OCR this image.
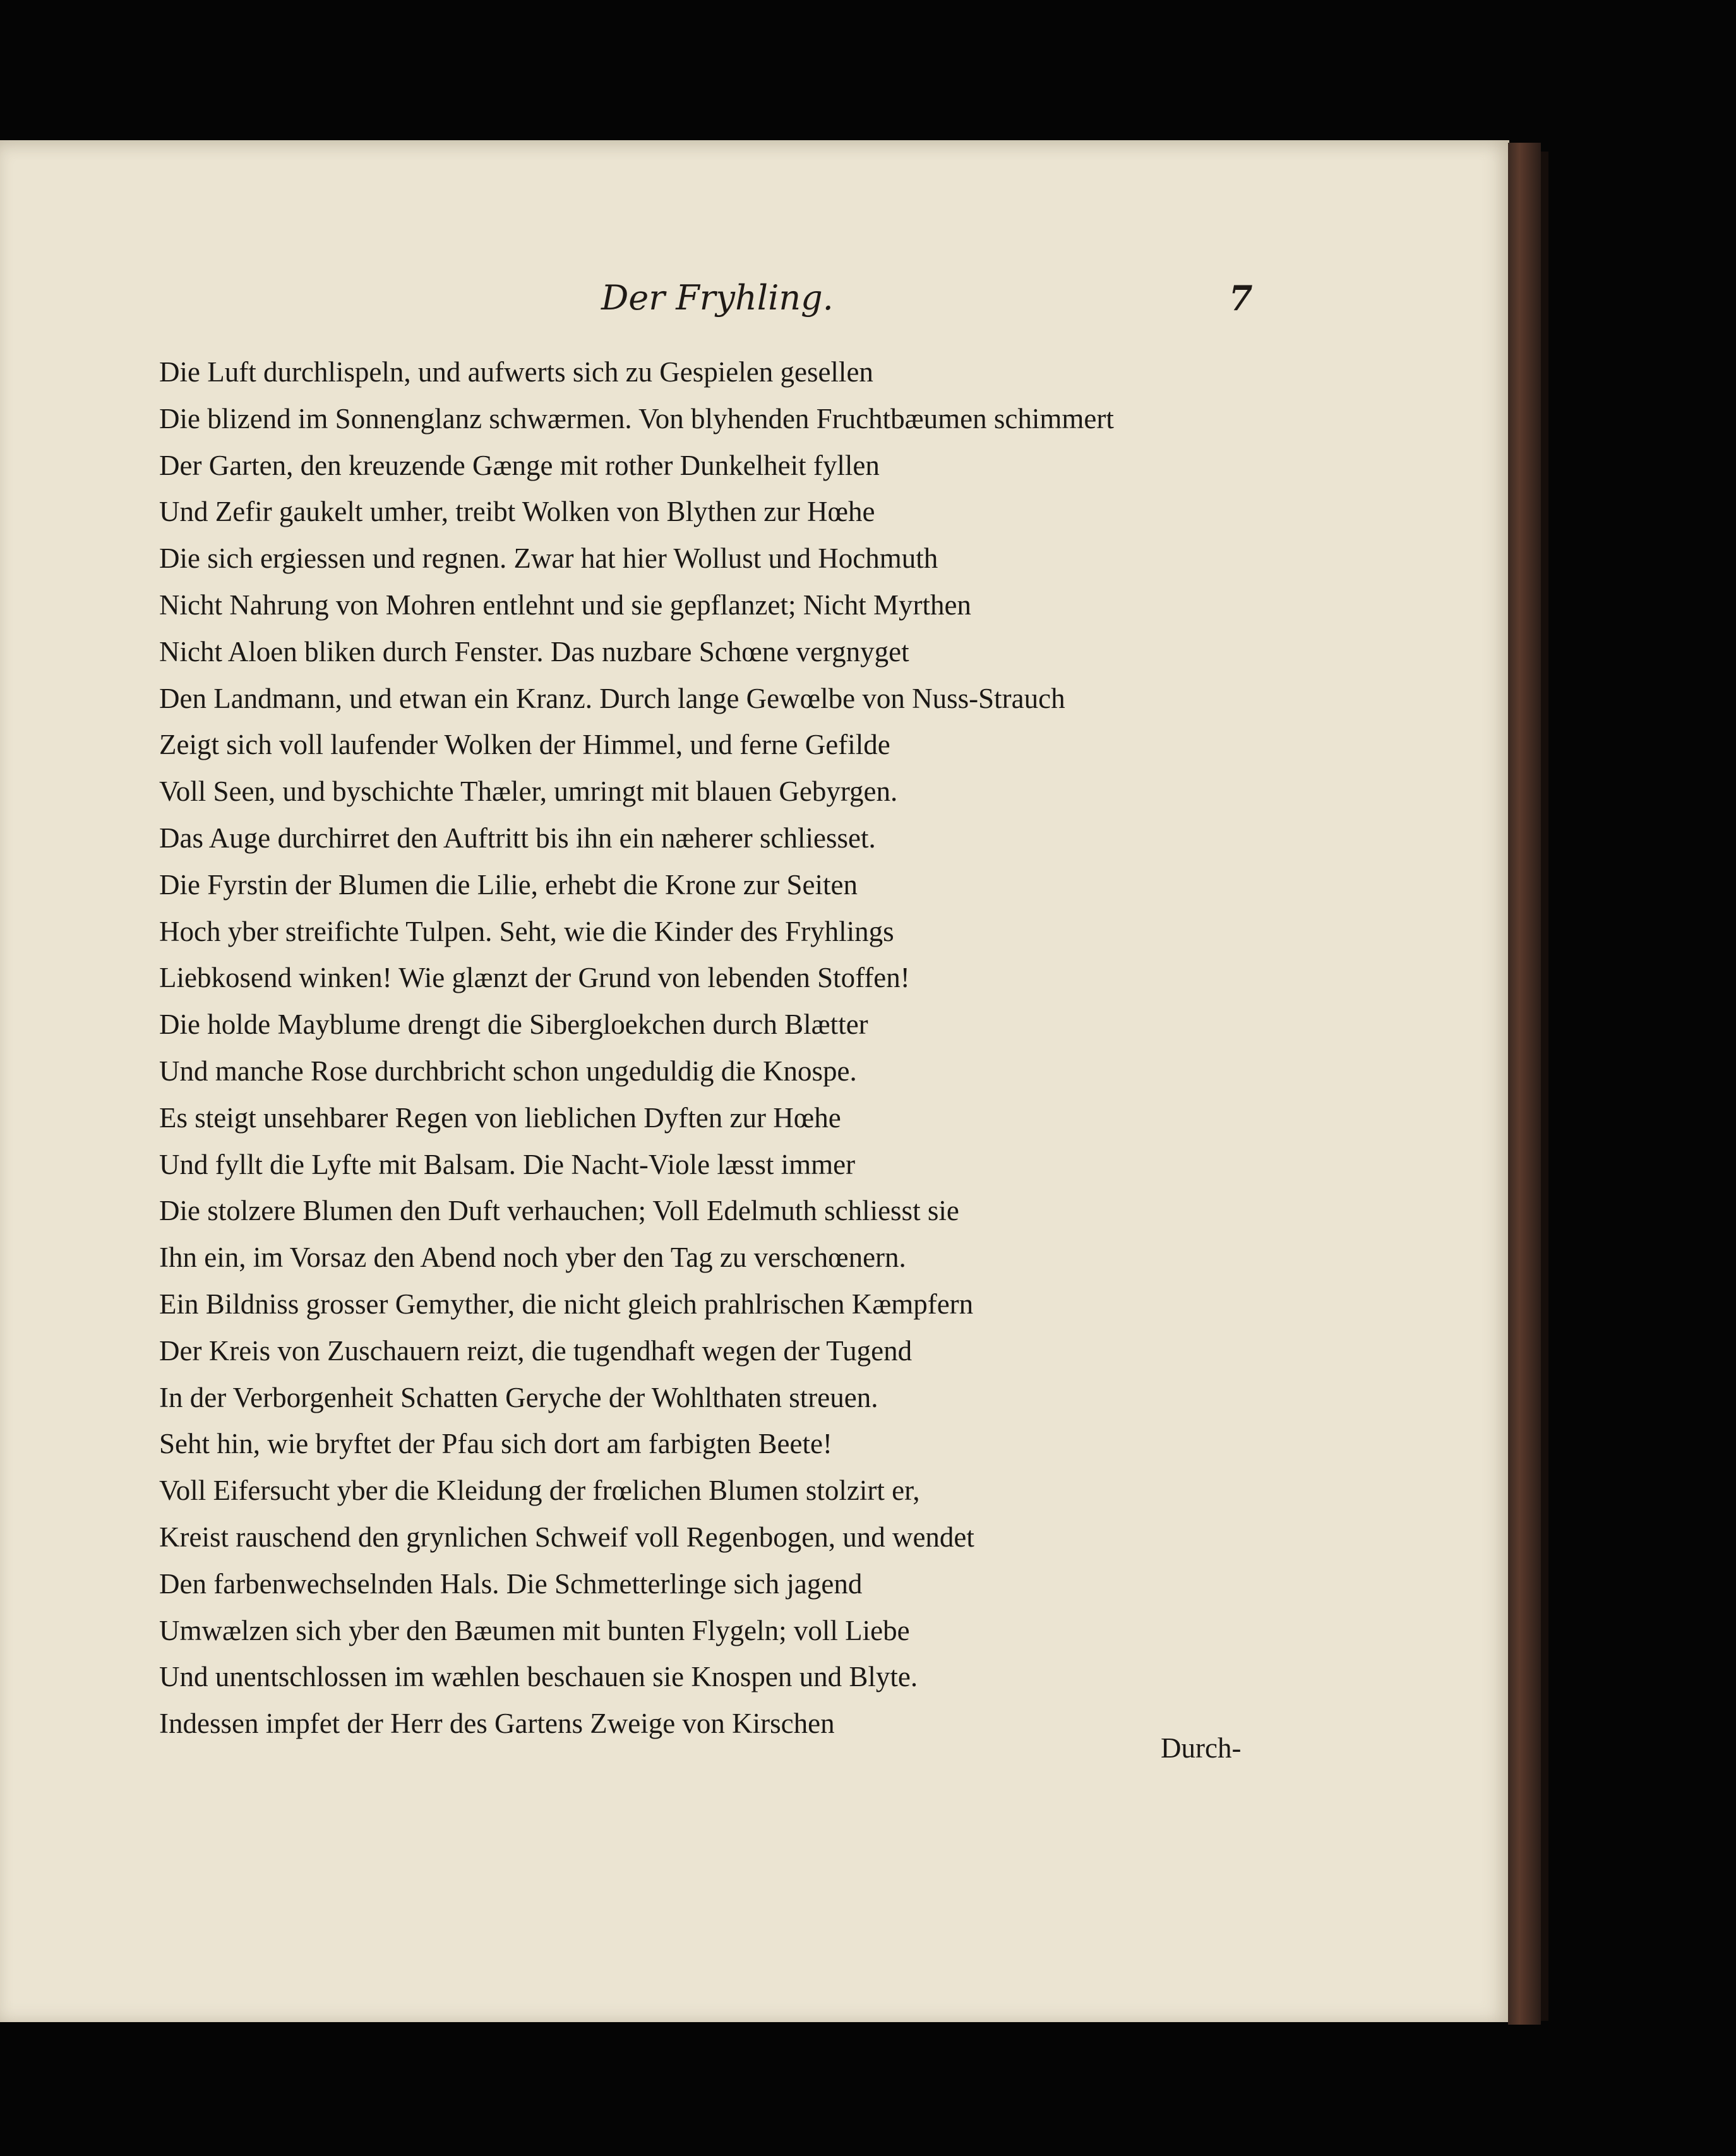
Der Fryhling.	7
Die Luft durchlispeln, und aufwerts sich zu Gespielen gesellen
Die blizend im Sonnenglanz schwærmen. Von blyhenden Fruchtbæumen schimmert
Der Garten, den kreuzende Gænge mit rother Dunkelheit fyllen
Und Zefir gaukelt umher, treibt Wolken von Blythen zur Hœhe
Die sich ergiessen und regnen. Zwar hat hier Wollust und Hochmuth
Nicht Nahrung von Mohren entlehnt und sie gepflanzet; Nicht Myrthen
Nicht Aloen bliken durch Fenster. Das nuzbare Schœne vergnyget
Den Landmann, und etwan ein Kranz. Durch lange Gewœlbe von Nuss-Strauch
Zeigt sich voll laufender Wolken der Himmel, und ferne Gefilde
Voll Seen, und byschichte Thæler, umringt mit blauen Gebyrgen.
Das Auge durchirret den Auftritt bis ihn ein næherer schliesset.
Die Fyrstin der Blumen die Lilie, erhebt die Krone zur Seiten
Hoch yber streifichte Tulpen. Seht, wie die Kinder des Fryhlings
Liebkosend winken! Wie glænzt der Grund von lebenden Stoffen!
Die holde Mayblume drengt die Sibergloekchen durch Blætter
Und manche Rose durchbricht schon ungeduldig die Knospe.
Es steigt unsehbarer Regen von lieblichen Dyften zur Hœhe
Und fyllt die Lyfte mit Balsam. Die Nacht-Viole læsst immer
Die stolzere Blumen den Duft verhauchen; Voll Edelmuth schliesst sie
Ihn ein, im Vorsaz den Abend noch yber den Tag zu verschœnern.
Ein Bildniss grosser Gemyther, die nicht gleich prahlrischen Kæmpfern
Der Kreis von Zuschauern reizt, die tugendhaft wegen der Tugend
In der Verborgenheit Schatten Geryche der Wohlthaten streuen.
Seht hin, wie bryftet der Pfau sich dort am farbigten Beete!
Voll Eifersucht yber die Kleidung der frœlichen Blumen stolzirt er,
Kreist rauschend den grynlichen Schweif voll Regenbogen, und wendet
Den farbenwechselnden Hals. Die Schmetterlinge sich jagend
Umwælzen sich yber den Bæumen mit bunten Flygeln; voll Liebe
Und unentschlossen im wæhlen beschauen sie Knospen und Blyte.
Indessen impfet der Herr des Gartens Zweige von Kirschen
Durch-
